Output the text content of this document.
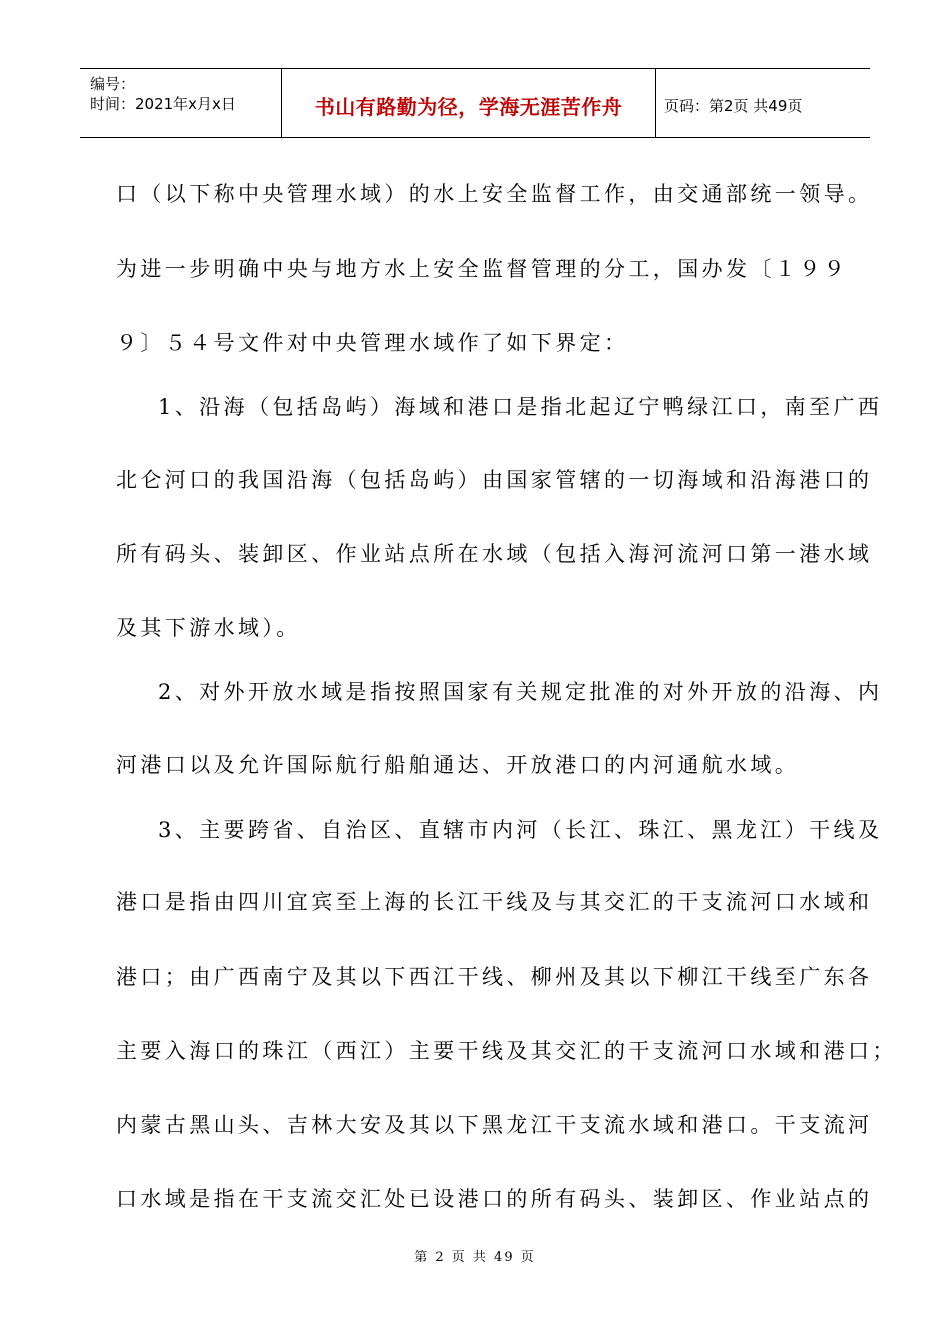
编号：
时间：2021年x月x日	书山有路勤为径，学海无涯苦作舟	页码：第2页 共49页
口（以下称中央管理水域）的水上安全监督工作，由交通部统一领导。
为进一步明确中央与地方水上安全监督管理的分工，国办发〔１９９
９〕５４号文件对中央管理水域作了如下界定：
1、沿海（包括岛屿）海域和港口是指北起辽宁鸭绿江口，南至广西
北仑河口的我国沿海（包括岛屿）由国家管辖的一切海域和沿海港口的
所有码头、装卸区、作业站点所在水域（包括入海河流河口第一港水域
及其下游水域）。
2、对外开放水域是指按照国家有关规定批准的对外开放的沿海、内
河港口以及允许国际航行船舶通达、开放港口的内河通航水域。
3、主要跨省、自治区、直辖市内河（长江、珠江、黑龙江）干线及
港口是指由四川宜宾至上海的长江干线及与其交汇的干支流河口水域和
港口；由广西南宁及其以下西江干线、柳州及其以下柳江干线至广东各
主要入海口的珠江（西江）主要干线及其交汇的干支流河口水域和港口；
内蒙古黑山头、吉林大安及其以下黑龙江干支流水域和港口。干支流河
口水域是指在干支流交汇处已设港口的所有码头、装卸区、作业站点的
第 2 页 共 49 页
